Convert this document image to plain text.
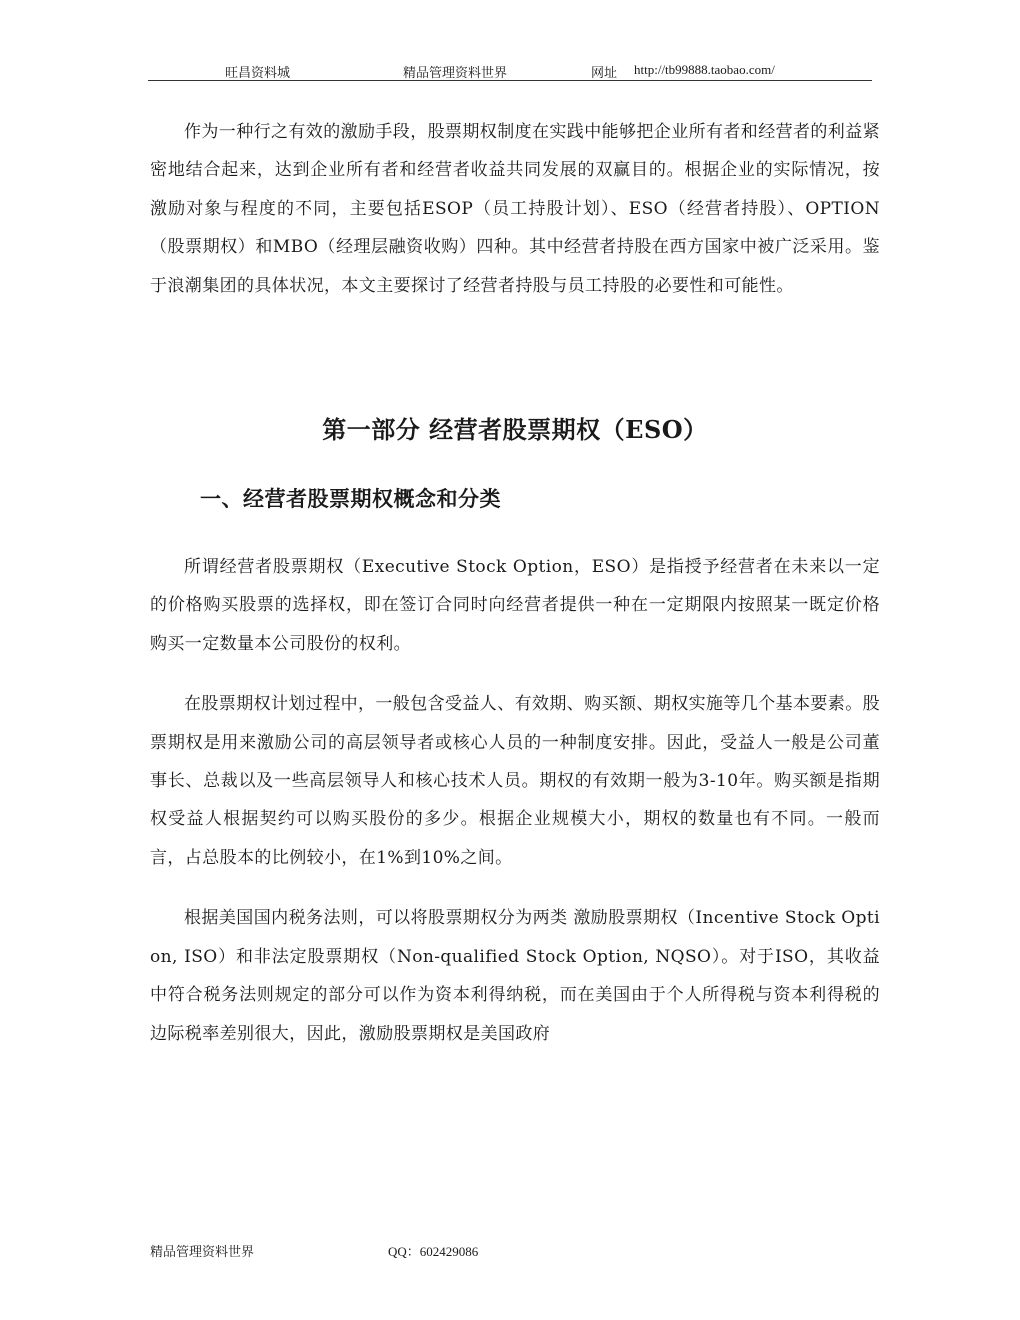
旺昌资料城	精品管理资料世界	网址 http://tb99888.taobao.com/

作为一种行之有效的激励手段，股票期权制度在实践中能够把企业所有者和经营者的利益紧密地结合起来，达到企业所有者和经营者收益共同发展的双赢目的。根据企业的实际情况，按激励对象与程度的不同，主要包括ESOP（员工持股计划）、ESO（经营者持股）、OPTION（股票期权）和MBO（经理层融资收购）四种。其中经营者持股在西方国家中被广泛采用。鉴于浪潮集团的具体状况，本文主要探讨了经营者持股与员工持股的必要性和可能性。

第一部分 经营者股票期权（ESO）
一、经营者股票期权概念和分类

所谓经营者股票期权（Executive Stock Option，ESO）是指授予经营者在未来以一定的价格购买股票的选择权，即在签订合同时向经营者提供一种在一定期限内按照某一既定价格购买一定数量本公司股份的权利。

在股票期权计划过程中，一般包含受益人、有效期、购买额、期权实施等几个基本要素。股票期权是用来激励公司的高层领导者或核心人员的一种制度安排。因此，受益人一般是公司董事长、总裁以及一些高层领导人和核心技术人员。期权的有效期一般为3-10年。购买额是指期权受益人根据契约可以购买股份的多少。根据企业规模大小，期权的数量也有不同。一般而言，占总股本的比例较小，在1%到10%之间。

根据美国国内税务法则，可以将股票期权分为两类 激励股票期权（Incentive Stock Option, ISO）和非法定股票期权（Non-qualified Stock Option, NQSO）。对于ISO，其收益中符合税务法则规定的部分可以作为资本利得纳税，而在美国由于个人所得税与资本利得税的边际税率差别很大，因此，激励股票期权是美国政府

精品管理资料世界	QQ：602429086
